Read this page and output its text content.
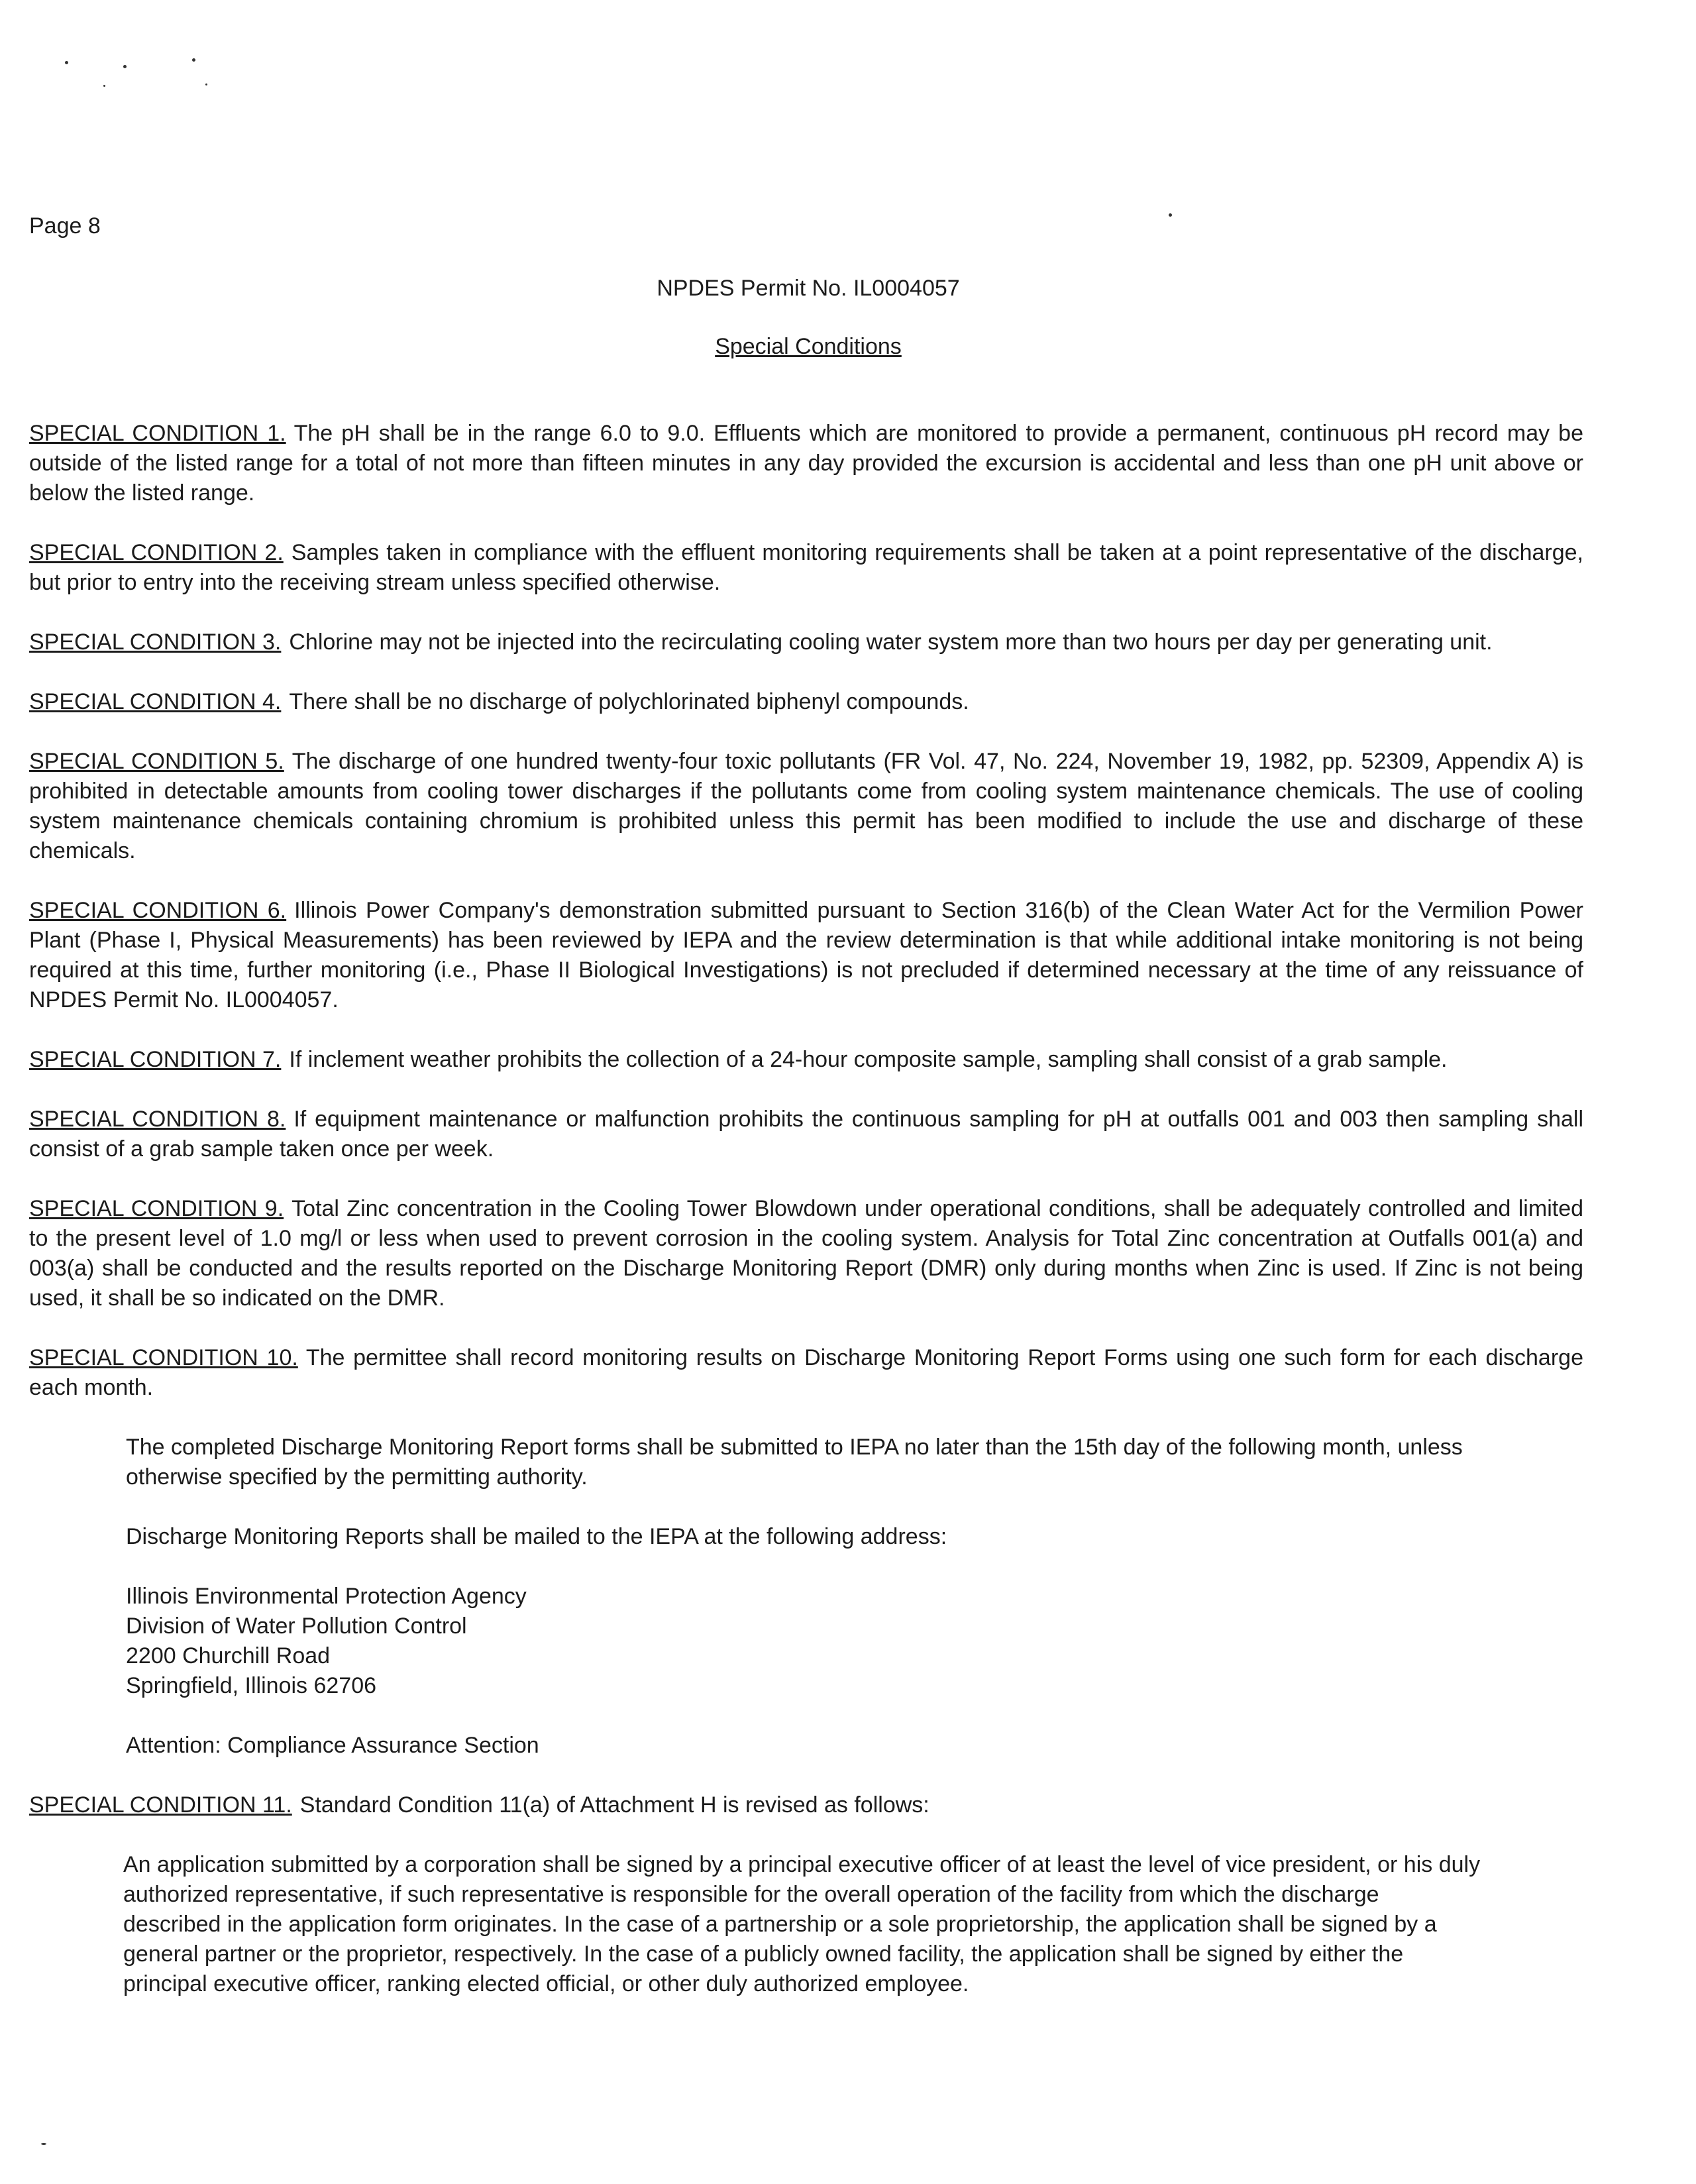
Page 8
NPDES Permit No. IL0004057
Special Conditions

SPECIAL CONDITION 1. The pH shall be in the range 6.0 to 9.0. Effluents which are monitored to provide a permanent, continuous pH record may be outside of the listed range for a total of not more than fifteen minutes in any day provided the excursion is accidental and less than one pH unit above or below the listed range.

SPECIAL CONDITION 2. Samples taken in compliance with the effluent monitoring requirements shall be taken at a point representative of the discharge, but prior to entry into the receiving stream unless specified otherwise.

SPECIAL CONDITION 3. Chlorine may not be injected into the recirculating cooling water system more than two hours per day per generating unit.

SPECIAL CONDITION 4. There shall be no discharge of polychlorinated biphenyl compounds.

SPECIAL CONDITION 5. The discharge of one hundred twenty-four toxic pollutants (FR Vol. 47, No. 224, November 19, 1982, pp. 52309, Appendix A) is prohibited in detectable amounts from cooling tower discharges if the pollutants come from cooling system maintenance chemicals. The use of cooling system maintenance chemicals containing chromium is prohibited unless this permit has been modified to include the use and discharge of these chemicals.

SPECIAL CONDITION 6. Illinois Power Company's demonstration submitted pursuant to Section 316(b) of the Clean Water Act for the Vermilion Power Plant (Phase I, Physical Measurements) has been reviewed by IEPA and the review determination is that while additional intake monitoring is not being required at this time, further monitoring (i.e., Phase II Biological Investigations) is not precluded if determined necessary at the time of any reissuance of NPDES Permit No. IL0004057.

SPECIAL CONDITION 7. If inclement weather prohibits the collection of a 24-hour composite sample, sampling shall consist of a grab sample.

SPECIAL CONDITION 8. If equipment maintenance or malfunction prohibits the continuous sampling for pH at outfalls 001 and 003 then sampling shall consist of a grab sample taken once per week.

SPECIAL CONDITION 9. Total Zinc concentration in the Cooling Tower Blowdown under operational conditions, shall be adequately controlled and limited to the present level of 1.0 mg/l or less when used to prevent corrosion in the cooling system. Analysis for Total Zinc concentration at Outfalls 001(a) and 003(a) shall be conducted and the results reported on the Discharge Monitoring Report (DMR) only during months when Zinc is used. If Zinc is not being used, it shall be so indicated on the DMR.

SPECIAL CONDITION 10. The permittee shall record monitoring results on Discharge Monitoring Report Forms using one such form for each discharge each month.

The completed Discharge Monitoring Report forms shall be submitted to IEPA no later than the 15th day of the following month, unless otherwise specified by the permitting authority.

Discharge Monitoring Reports shall be mailed to the IEPA at the following address:

Illinois Environmental Protection Agency
Division of Water Pollution Control
2200 Churchill Road
Springfield, Illinois 62706

Attention: Compliance Assurance Section

SPECIAL CONDITION 11. Standard Condition 11(a) of Attachment H is revised as follows:

An application submitted by a corporation shall be signed by a principal executive officer of at least the level of vice president, or his duly authorized representative, if such representative is responsible for the overall operation of the facility from which the discharge described in the application form originates. In the case of a partnership or a sole proprietorship, the application shall be signed by a general partner or the proprietor, respectively. In the case of a publicly owned facility, the application shall be signed by either the principal executive officer, ranking elected official, or other duly authorized employee.
